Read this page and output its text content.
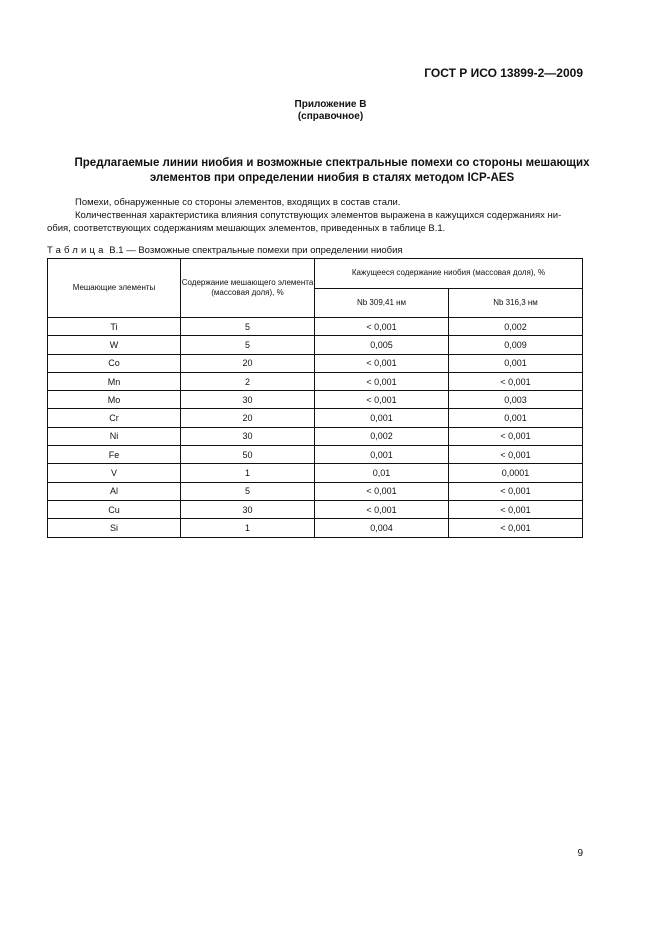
ГОСТ Р ИСО 13899-2—2009
Приложение В
(справочное)
Предлагаемые линии ниобия и возможные спектральные помехи со стороны мешающих
элементов при определении ниобия в сталях методом ICP-AES
Помехи, обнаруженные со стороны элементов, входящих в состав стали.
Количественная характеристика влияния сопутствующих элементов выражена в кажущихся содержаниях ни-обия, соответствующих содержаниям мешающих элементов, приведенных в таблице В.1.
Таблица В.1 — Возможные спектральные помехи при определении ниобия
Мешающие элементы	Содержание мешающего элемента (массовая доля), %	Кажущееся содержание ниобия (массовая доля), %	
		Nb 309,41 нм	Nb 316,3 нм
Ti	5	< 0,001	0,002
W	5	0,005	0,009
Co	20	< 0,001	0,001
Mn	2	< 0,001	< 0,001
Mo	30	< 0,001	0,003
Cr	20	0,001	0,001
Ni	30	0,002	< 0,001
Fe	50	0,001	< 0,001
V	1	0,01	0,0001
Al	5	< 0,001	< 0,001
Cu	30	< 0,001	< 0,001
Si	1	0,004	< 0,001
9
